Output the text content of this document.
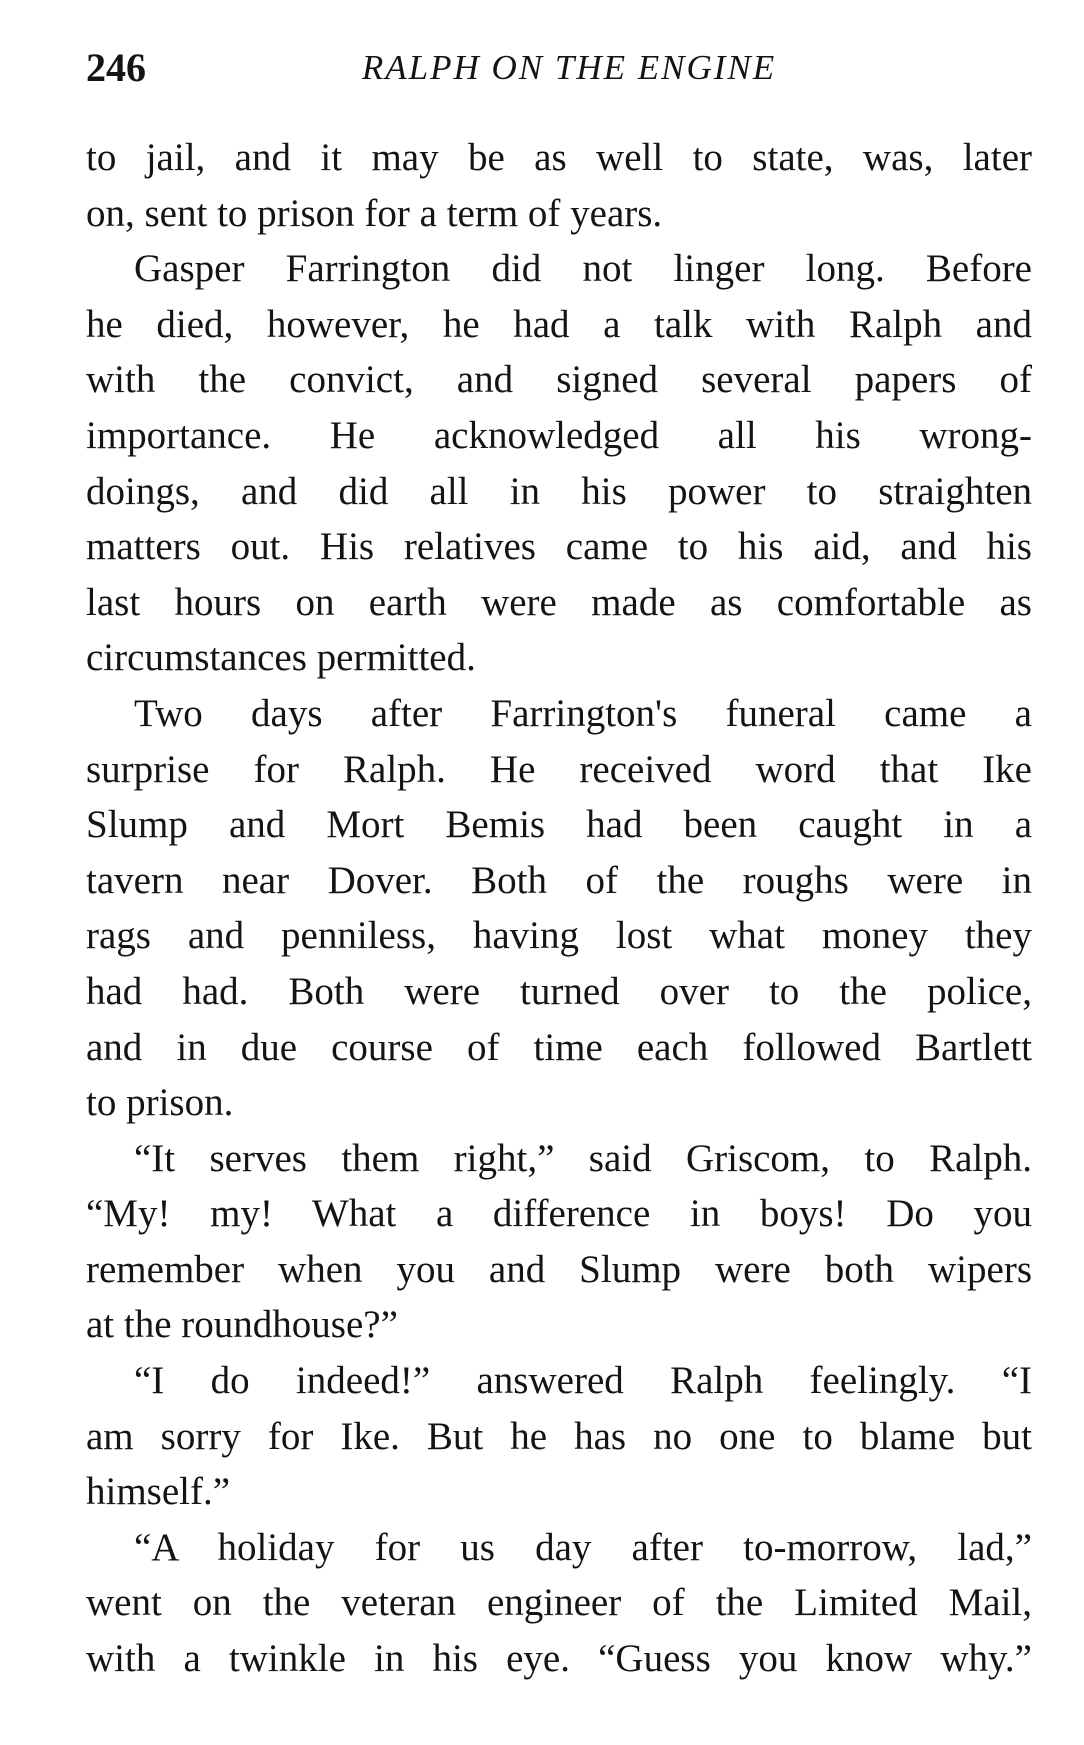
246	RALPH ON THE ENGINE
to jail, and it may be as well to state, was, later
on, sent to prison for a term of years.
Gasper Farrington did not linger long. Before
he died, however, he had a talk with Ralph and
with the convict, and signed several papers of
importance. He acknowledged all his wrong-
doings, and did all in his power to straighten
matters out. His relatives came to his aid, and his
last hours on earth were made as comfortable as
circumstances permitted.
Two days after Farrington's funeral came a
surprise for Ralph. He received word that Ike
Slump and Mort Bemis had been caught in a
tavern near Dover. Both of the roughs were in
rags and penniless, having lost what money they
had had. Both were turned over to the police,
and in due course of time each followed Bartlett
to prison.
“It serves them right,” said Griscom, to Ralph.
“My! my! What a difference in boys! Do you
remember when you and Slump were both wipers
at the roundhouse?”
“I do indeed!” answered Ralph feelingly. “I
am sorry for Ike. But he has no one to blame but
himself.”
“A holiday for us day after to-morrow, lad,”
went on the veteran engineer of the Limited Mail,
with a twinkle in his eye. “Guess you know why.”
